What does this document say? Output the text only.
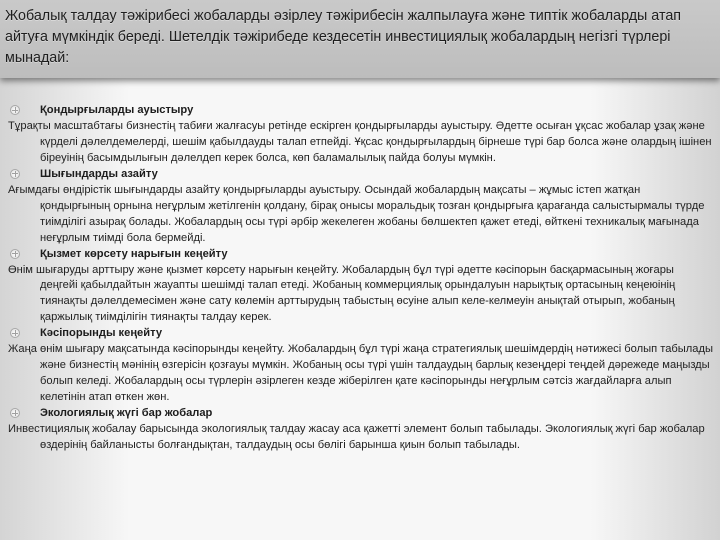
Жобалық талдау тәжірибесі жобаларды әзірлеу тәжірибесін жалпылауға және типтік жобаларды атап айтуға мүмкіндік береді. Шетелдік тәжірибеде кездесетін инвестициялық жобалардың негізгі түрлері мынадай:
Қондырғыларды ауыстыру
Тұрақты масштабтағы бизнестің табиғи жалғасуы ретінде ескірген қондырғыларды ауыстыру. Әдетте осыған ұқсас жобалар ұзақ және күрделі дәлелдемелерді, шешім қабылдауды талап етпейді. Ұқсас қондырғылардың бірнеше түрі бар болса және олардың ішінен біреуінің басымдылығын дәлелдеп керек болса, көп баламалылық пайда болуы мүмкін.
Шығындарды азайту
Ағымдағы өндірістік шығындарды азайту қондырғыларды ауыстыру. Осындай жобалардың мақсаты – жұмыс істеп жатқан қондырғының орнына неғұрлым жетілгенін қолдану, бірақ оныcы моральдық тозған қондырғыға қарағанда салыстырмалы түрде тиімділігі азырақ болады. Жобалардың осы түрі әрбір жекелеген жобаны бөлшектеп қажет етеді, өйткені техникалық мағынада неғұрлым тиімді бола бермейді.
Қызмет көрсету нарығын кеңейту
Өнім шығаруды арттыру және қызмет көрсету нарығын кеңейту. Жобалардың бұл түрі әдетте кәсіпорын басқармасының жоғары деңгейі қабылдайтын жауапты шешімді талап етеді. Жобаның коммерциялық орындалуын нарықтық ортасының кеңеюінің тиянақты дәлелдемесімен және сату көлемін арттырудың табыстың өсуіне алып келе-келмеуін анықтай отырып, жобаның қаржылық тиімділігін тиянақты талдау керек.
Кәсіпорынды кеңейту
Жаңа өнім шығару мақсатында кәсіпорынды кеңейту. Жобалардың бұл түрі жаңа стратегиялық шешімдердің нәтижесі болып табылады және бизнестің мәнінің өзгерісін қозғауы мүмкін. Жобаның осы түрі үшін талдаудың барлық кезеңдері теңдей дәрежеде маңызды болып келеді. Жобалардың осы түрлерін әзірлеген кезде жіберілген қате кәсіпорынды неғұрлым сәтсіз жағдайларға алып келетінін атап өткен жөн.
Экологиялық жүгі бар жобалар
Инвестициялық жобалау барысында экологиялық талдау жасау аса қажетті элемент болып табылады. Экологиялық жүгі бар жобалар өздерінің байланысты болғандықтан, талдаудың осы бөлігі барынша қиын болып табылады.
